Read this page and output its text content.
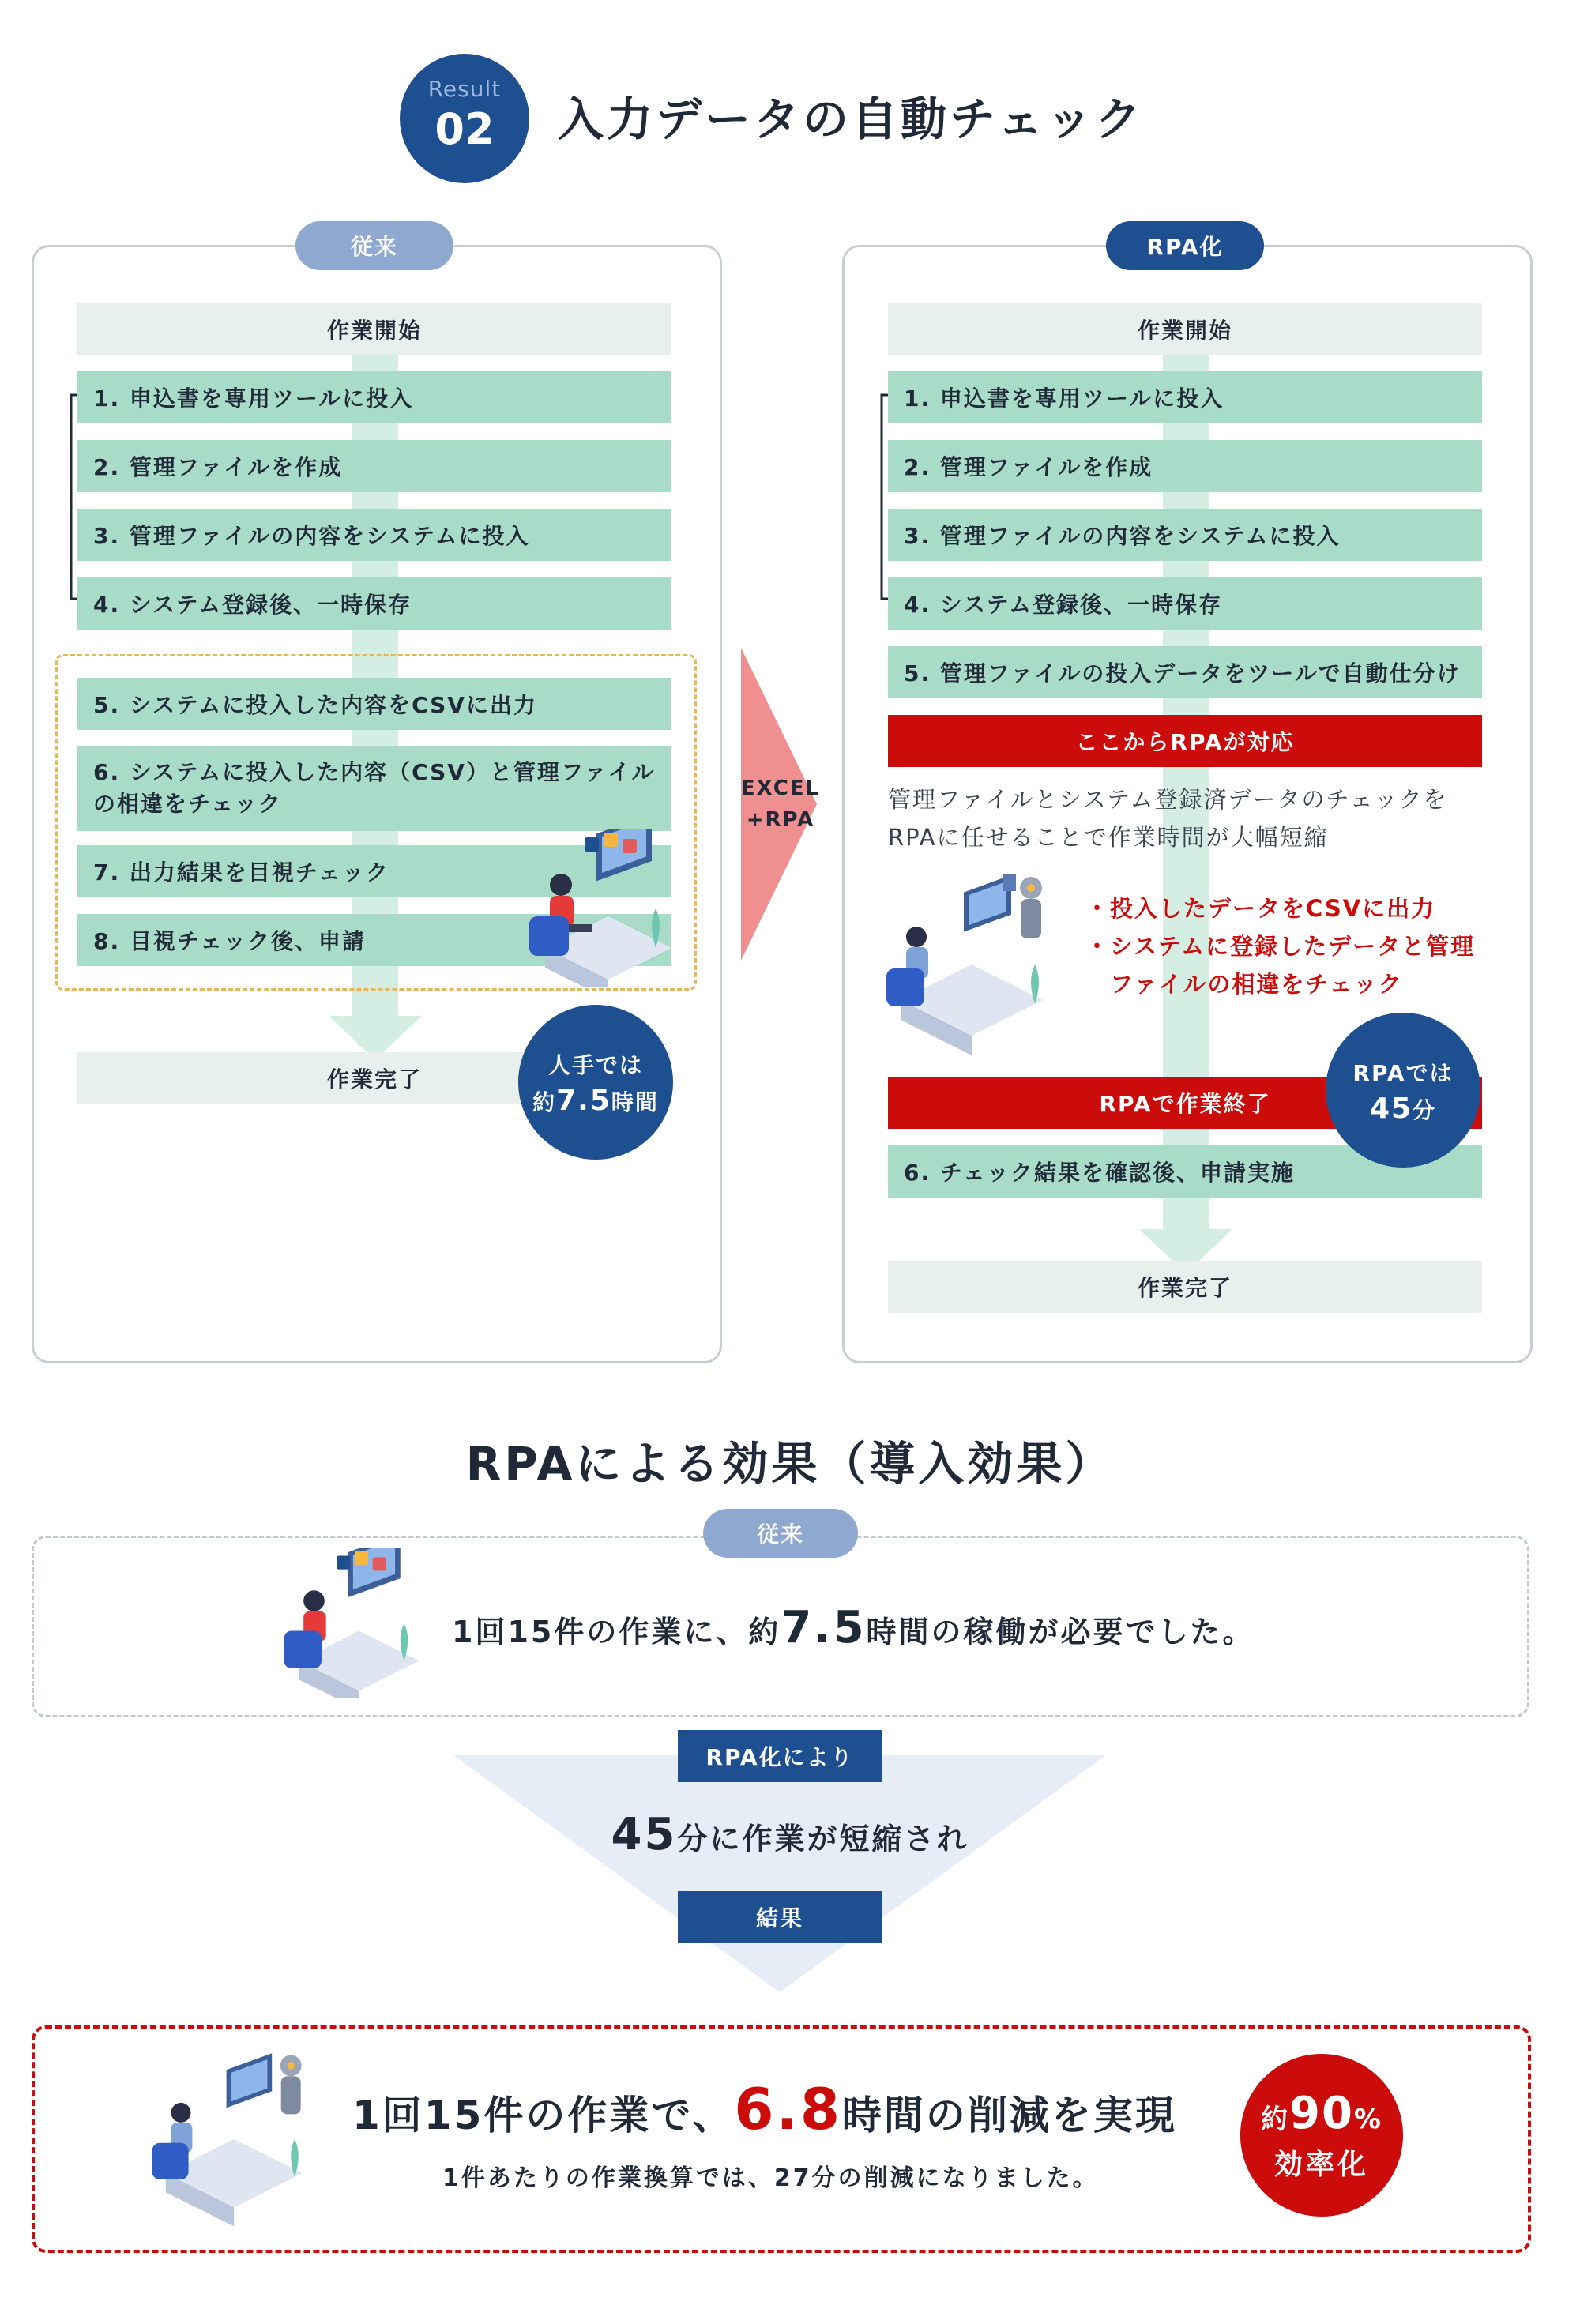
Result
02	入力データの自動チェック
従来
作業開始
1. 申込書を専用ツールに投入
2. 管理ファイルを作成
3. 管理ファイルの内容をシステムに投入
4. システム登録後、一時保存
5. システムに投入した内容をCSVに出力
6. システムに投入した内容（CSV）と管理ファイル　の相違をチェック
7. 出力結果を目視チェック
8. 目視チェック後、申請
作業完了
人手では
約7.5時間
EXCEL
+RPA
RPA化
作業開始
1. 申込書を専用ツールに投入
2. 管理ファイルを作成
3. 管理ファイルの内容をシステムに投入
4. システム登録後、一時保存
5. 管理ファイルの投入データをツールで自動仕分け
ここからRPAが対応
管理ファイルとシステム登録済データのチェックを
RPAに任せることで作業時間が大幅短縮
・投入したデータをCSVに出力
・システムに登録したデータと管理
　ファイルの相違をチェック
RPAで作業終了
6. チェック結果を確認後、申請実施
作業完了
RPAでは
45分
RPAによる効果（導入効果）
従来
1回15件の作業に、約7.5時間の稼働が必要でした。
RPA化により
45分に作業が短縮され
結果
1回15件の作業で、6.8時間の削減を実現
1件あたりの作業換算では、27分の削減になりました。
約90%
効率化
